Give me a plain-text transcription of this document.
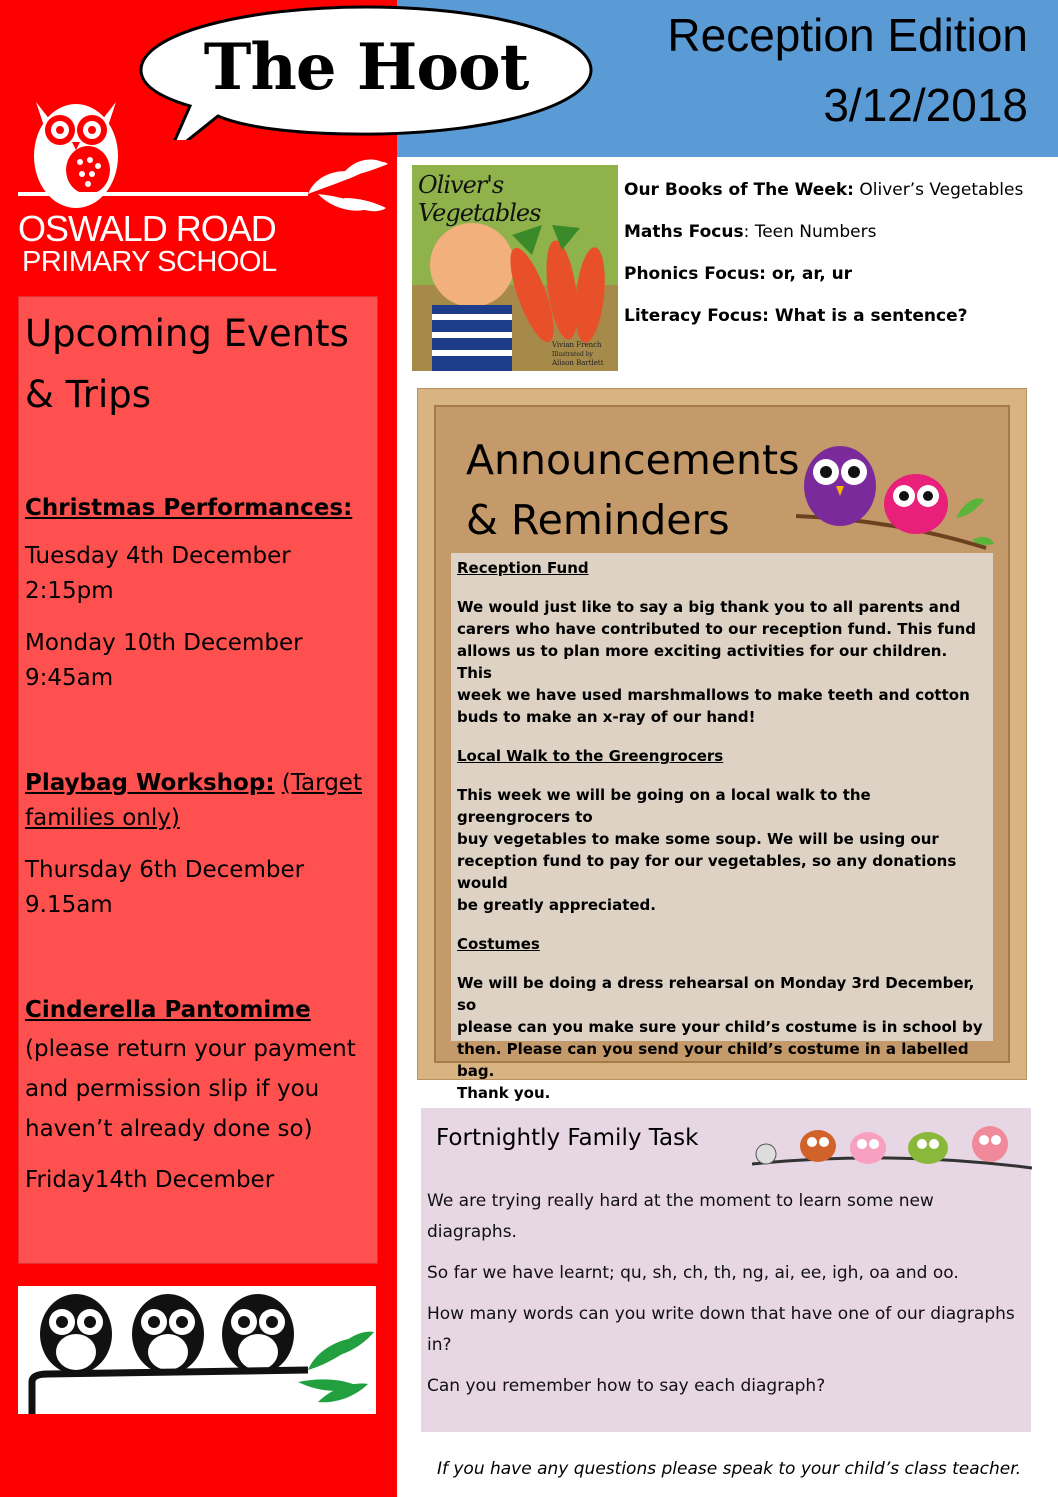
The Hoot	Reception Edition
3/12/2018
OSWALD ROAD
PRIMARY SCHOOL
Upcoming Events
& Trips
Christmas Performances:
Tuesday 4th December 2:15pm
Monday 10th December
9:45am
Playbag Workshop: (Target
families only)
Thursday 6th December
9.15am
Cinderella Pantomime
(please return your payment
and permission slip if you
haven’t already done so)
Friday14th December
Oliver's Vegetables
Vivian French
Illustrated by
Alison Bartlett

Our Books of The Week: Oliver’s Vegetables

Maths Focus: Teen Numbers

Phonics Focus: or, ar, ur

Literacy Focus: What is a sentence?

Announcements
& Reminders
Reception Fund
We would just like to say a big thank you to all parents and
carers who have contributed to our reception fund. This fund
allows us to plan more exciting activities for our children. This
week we have used marshmallows to make teeth and cotton
buds to make an x-ray of our hand!
Local Walk to the Greengrocers
This week we will be going on a local walk to the greengrocers to
buy vegetables to make some soup. We will be using our
reception fund to pay for our vegetables, so any donations would
be greatly appreciated.
Costumes
We will be doing a dress rehearsal on Monday 3rd December, so
please can you make sure your child’s costume is in school by
then. Please can you send your child’s costume in a labelled bag.
Thank you.
Fortnightly Family Task

We are trying really hard at the moment to learn some new
diagraphs.

So far we have learnt; qu, sh, ch, th, ng, ai, ee, igh, oa and oo.

How many words can you write down that have one of our diagraphs
in?

Can you remember how to say each diagraph?

If you have any questions please speak to your child’s class teacher.
